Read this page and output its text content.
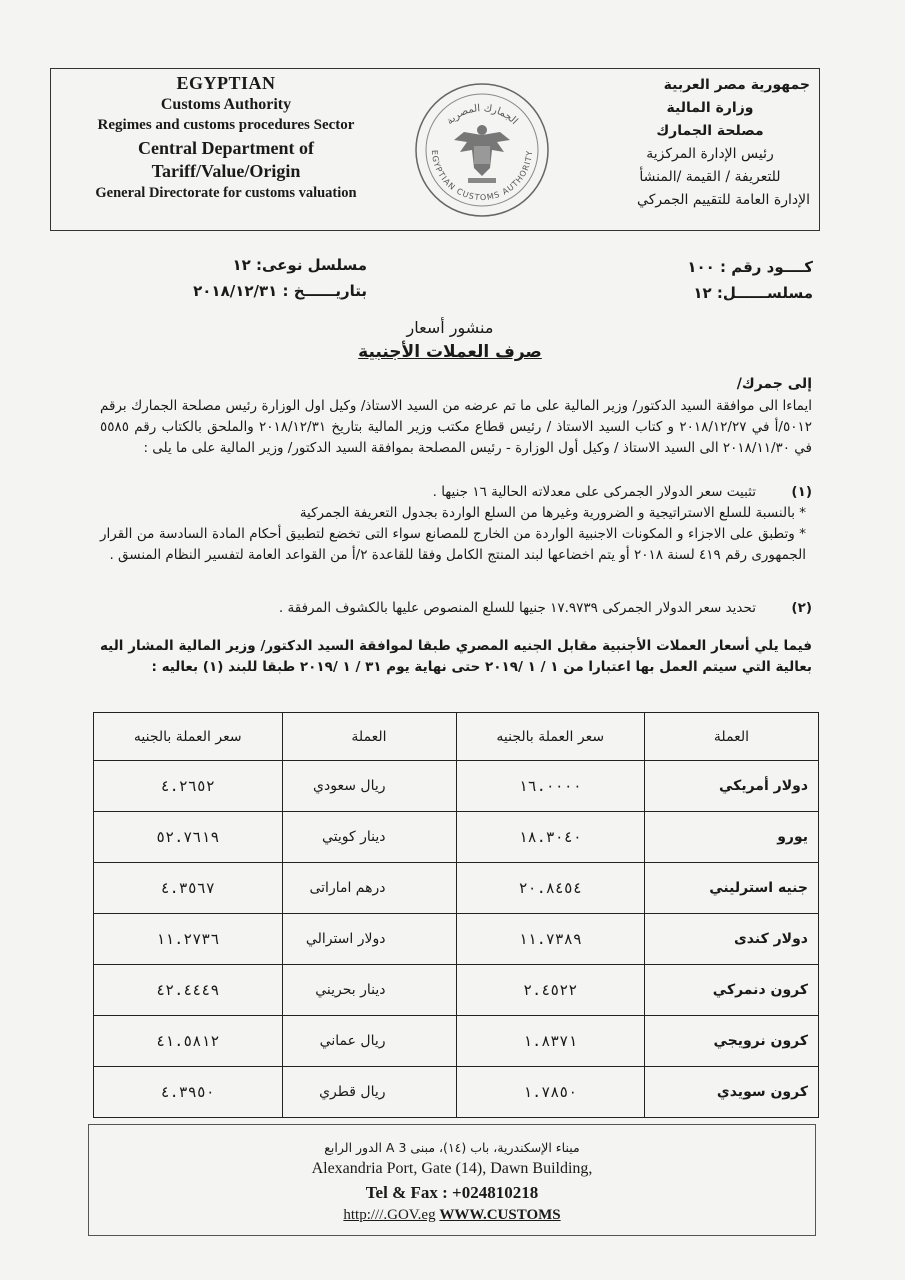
EGYPTIAN
Customs Authority
Regimes and customs procedures Sector
Central Department of
Tariff/Value/Origin
General Directorate for customs valuation
الجمارك المصرية
EGYPTIAN CUSTOMS AUTHORITY
جمهورية مصر العربية
وزارة المالية
مصلحة الجمارك
رئيس الإدارة المركزية
للتعريفة / القيمة /المنشأ
الإدارة العامة للتقييم الجمركي
كــــود رقم : ١٠٠
مسلســــــل: ١٢
مسلسل نوعى: ١٢
بتاريــــــخ : ٢٠١٨/١٢/٣١
منشور أسعار
صرف العملات الأجنبية
إلى جمرك/
ايماءا الى موافقة السيد الدكتور/ وزير المالية على ما تم عرضه من السيد الاستاذ/ وكيل اول الوزارة رئيس مصلحة الجمارك برقم ٥٠١٢/أ في ٢٠١٨/١٢/٢٧ و كتاب السيد الاستاذ / رئيس قطاع مكتب وزير المالية بتاريخ ٢٠١٨/١٢/٣١ والملحق بالكتاب رقم ٥٥٨٥ في ٢٠١٨/١١/٣٠ الى السيد الاستاذ / وكيل أول الوزارة - رئيس المصلحة بموافقة السيد الدكتور/ وزير المالية على ما يلى :
(١)
تثبيت سعر الدولار الجمركى على معدلاته الحالية ١٦ جنيها .
* بالنسبة للسلع الاستراتيجية و الضرورية وغيرها من السلع الواردة بجدول التعريفة الجمركية
* وتطبق على الاجزاء و المكونات الاجنبية الواردة من الخارج للمصانع سواء التى تخضع لتطبيق أحكام المادة السادسة من القرار الجمهورى رقم ٤١٩ لسنة ٢٠١٨ أو يتم اخضاعها لبند المنتج الكامل وفقا للقاعدة ٢/أ من القواعد العامة لتفسير النظام المنسق .
(٢)
تحديد سعر الدولار الجمركى ١٧.٩٧٣٩ جنيها للسلع المنصوص عليها بالكشوف المرفقة .
فيما يلي أسعار العملات الأجنبية مقابل الجنيه المصري طبقا لموافقة السيد الدكتور/ وزير المالية المشار اليه بعالية التي سيتم العمل بها اعتبارا من ١ / ١ /٢٠١٩ حتى نهاية يوم ٣١ / ١ /٢٠١٩ طبقا للبند (١) بعاليه :
العملة	سعر العملة بالجنيه	العملة	سعر العملة بالجنيه
دولار أمريكي	١٦.٠٠٠٠	ريال سعودي	٤.٢٦٥٢
يورو	١٨.٣٠٤٠	دينار كويتي	٥٢.٧٦١٩
جنيه استرليني	٢٠.٨٤٥٤	درهم اماراتى	٤.٣٥٦٧
دولار كندى	١١.٧٣٨٩	دولار استرالي	١١.٢٧٣٦
كرون دنمركي	٢.٤٥٢٢	دينار بحريني	٤٢.٤٤٤٩
كرون نرويجي	١.٨٣٧١	ريال عماني	٤١.٥٨١٢
كرون سويدي	١.٧٨٥٠	ريال قطري	٤.٣٩٥٠
ميناء الإسكندرية، باب (١٤)، مبنى A 3 الدور الرابع
Alexandria Port, Gate (14), Dawn Building,
Tel & Fax : +024810218
http:///.GOV.eg WWW.CUSTOMS
